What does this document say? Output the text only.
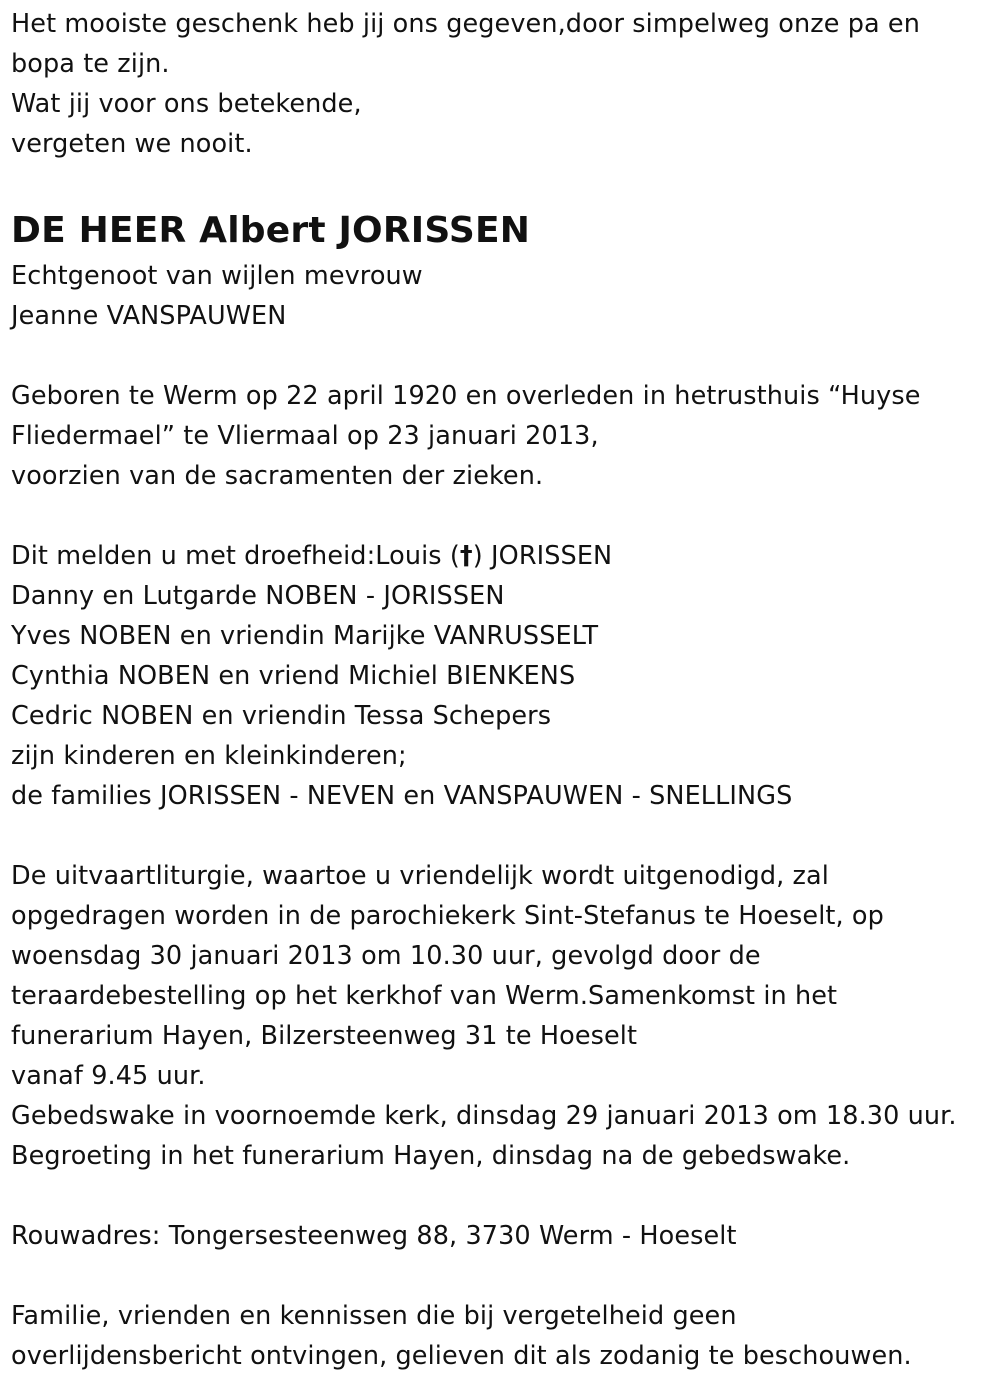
Het mooiste geschenk heb jij ons gegeven,door simpelweg onze pa en
bopa te zijn.
Wat jij voor ons betekende,
vergeten we nooit.
DE HEER Albert JORISSEN
Echtgenoot van wijlen mevrouw
Jeanne VANSPAUWEN
Geboren te Werm op 22 april 1920 en overleden in hetrusthuis “Huyse
Fliedermael” te Vliermaal op 23 januari 2013,
voorzien van de sacramenten der zieken.
Dit melden u met droefheid:Louis (†) JORISSEN
Danny en Lutgarde NOBEN - JORISSEN
Yves NOBEN en vriendin Marijke VANRUSSELT
Cynthia NOBEN en vriend Michiel BIENKENS
Cedric NOBEN en vriendin Tessa Schepers
zijn kinderen en kleinkinderen;
de families JORISSEN - NEVEN en VANSPAUWEN - SNELLINGS
De uitvaartliturgie, waartoe u vriendelijk wordt uitgenodigd, zal
opgedragen worden in de parochiekerk Sint-Stefanus te Hoeselt, op
woensdag 30 januari 2013 om 10.30 uur, gevolgd door de
teraardebestelling op het kerkhof van Werm.Samenkomst in het
funerarium Hayen, Bilzersteenweg 31 te Hoeselt
vanaf 9.45 uur.
Gebedswake in voornoemde kerk, dinsdag 29 januari 2013 om 18.30 uur.
Begroeting in het funerarium Hayen, dinsdag na de gebedswake.
Rouwadres: Tongersesteenweg 88, 3730 Werm - Hoeselt
Familie, vrienden en kennissen die bij vergetelheid geen
overlijdensbericht ontvingen, gelieven dit als zodanig te beschouwen.
